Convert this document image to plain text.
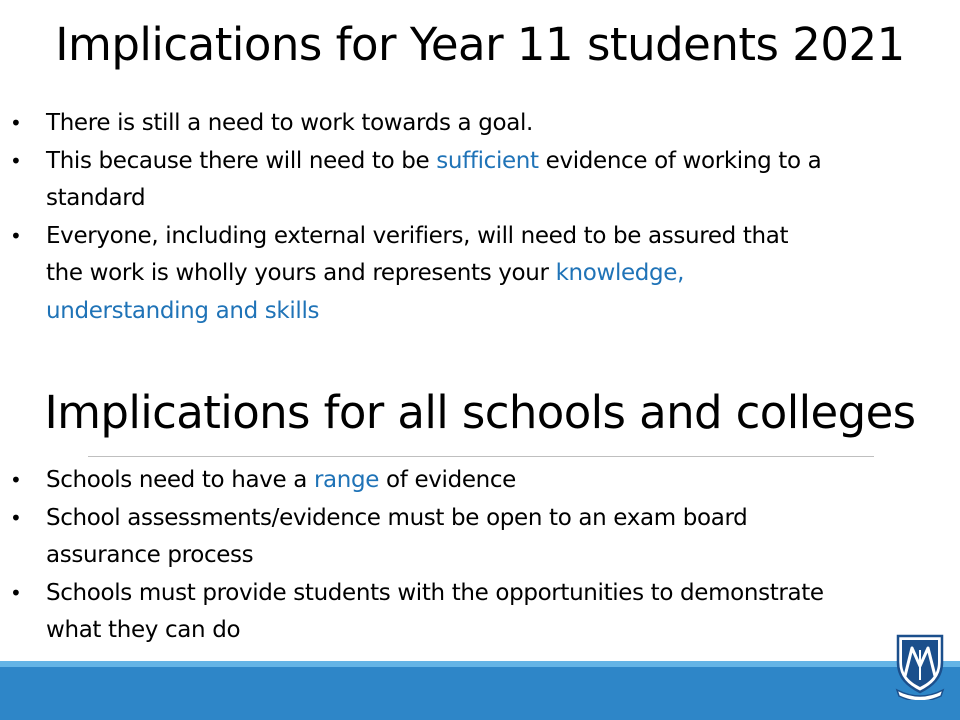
Implications for Year 11 students 2021
• There is still a need to work towards a goal.
• This because there will need to be sufficient evidence of working to a
standard
• Everyone, including external verifiers, will need to be assured that
the work is wholly yours and represents your knowledge,
understanding and skills
Implications for all schools and colleges
• Schools need to have a range of evidence
• School assessments/evidence must be open to an exam board
assurance process
• Schools must provide students with the opportunities to demonstrate
what they can do
